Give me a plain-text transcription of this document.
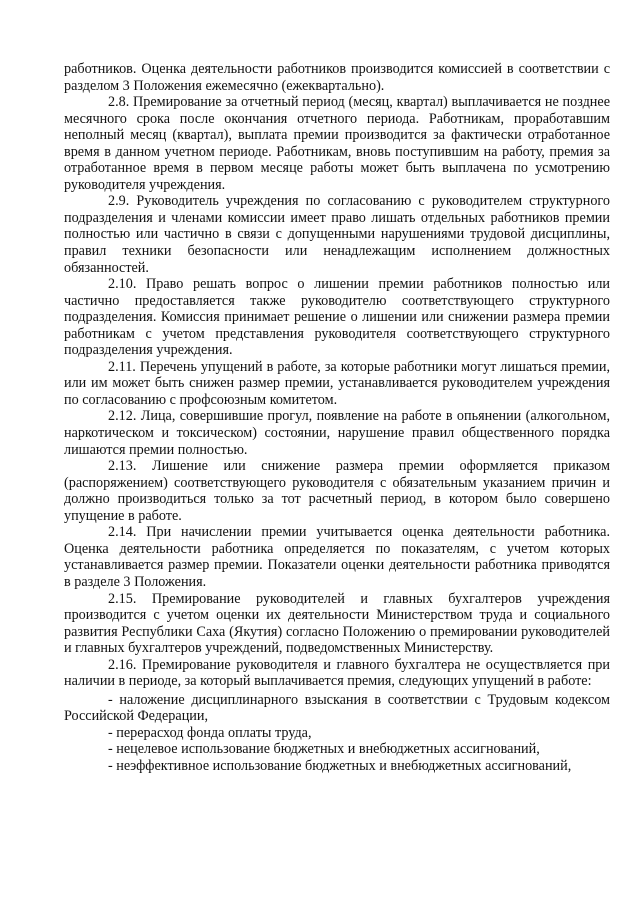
работников. Оценка деятельности работников производится комиссией в соответствии с разделом 3 Положения ежемесячно (ежеквартально).

2.8. Премирование за отчетный период (месяц, квартал) выплачивается не позднее месячного срока после окончания отчетного периода. Работникам, проработавшим неполный месяц (квартал), выплата премии производится за фактически отработанное время в данном учетном периоде. Работникам, вновь поступившим на работу, премия за отработанное время в первом месяце работы может быть выплачена по усмотрению руководителя учреждения.

2.9. Руководитель учреждения по согласованию с руководителем структурного подразделения и членами комиссии имеет право лишать отдельных работников премии полностью или частично в связи с допущенными нарушениями трудовой дисциплины, правил техники безопасности или ненадлежащим исполнением должностных обязанностей.

2.10. Право решать вопрос о лишении премии работников полностью или частично предоставляется также руководителю соответствующего структурного подразделения. Комиссия принимает решение о лишении или снижении размера премии работникам с учетом представления руководителя соответствующего структурного подразделения учреждения.

2.11. Перечень упущений в работе, за которые работники могут лишаться премии, или им может быть снижен размер премии, устанавливается руководителем учреждения по согласованию с профсоюзным комитетом.

2.12. Лица, совершившие прогул, появление на работе в опьянении (алкогольном, наркотическом и токсическом) состоянии, нарушение правил общественного порядка лишаются премии полностью.

2.13. Лишение или снижение размера премии оформляется приказом (распоряжением) соответствующего руководителя с обязательным указанием причин и должно производиться только за тот расчетный период, в котором было совершено упущение в работе.

2.14. При начислении премии учитывается оценка деятельности работника. Оценка деятельности работника определяется по показателям, с учетом которых устанавливается размер премии. Показатели оценки деятельности работника приводятся в разделе 3 Положения.

2.15. Премирование руководителей и главных бухгалтеров учреждения производится с учетом оценки их деятельности Министерством труда и социального развития Республики Саха (Якутия) согласно Положению о премировании руководителей и главных бухгалтеров учреждений, подведомственных Министерству.

2.16. Премирование руководителя и главного бухгалтера не осуществляется при наличии в периоде, за который выплачивается премия, следующих упущений в работе:

- наложение дисциплинарного взыскания в соответствии с Трудовым кодексом Российской Федерации,

- перерасход фонда оплаты труда,

- нецелевое использование бюджетных и внебюджетных ассигнований,

- неэффективное использование бюджетных и внебюджетных ассигнований,
